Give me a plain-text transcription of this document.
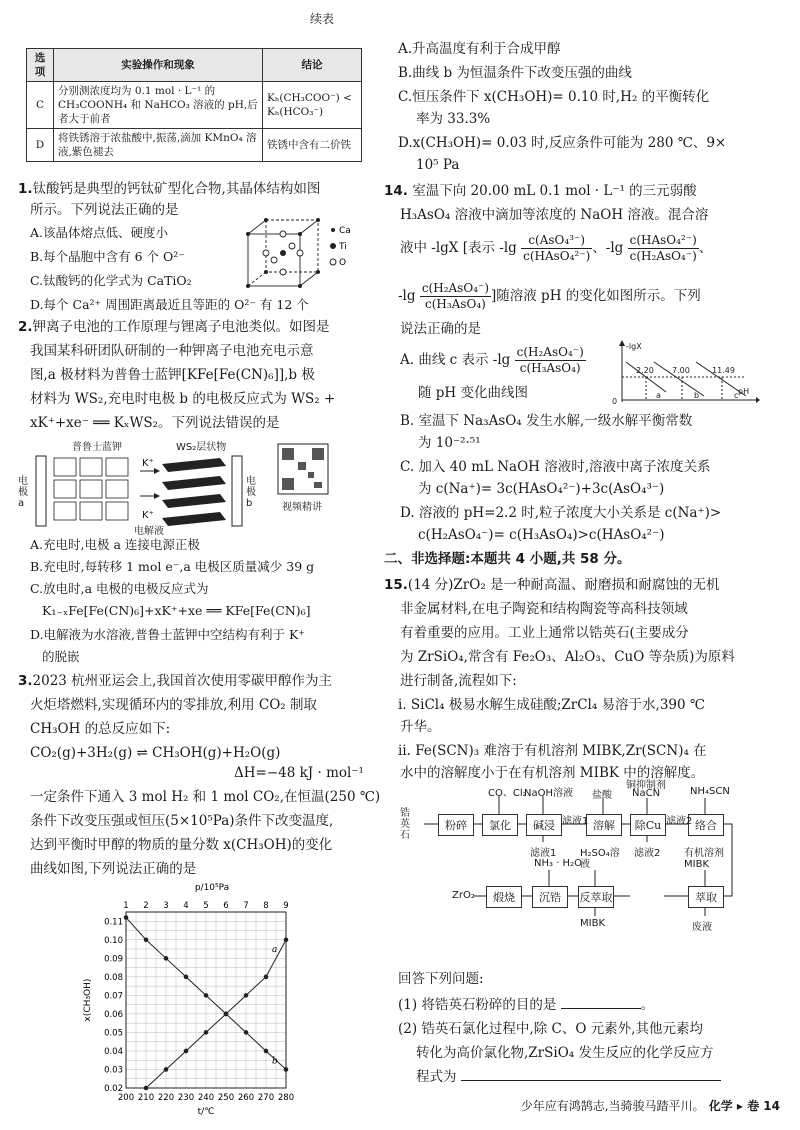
续表
选项	实验操作和现象	结论
C	分别测浓度均为 0.1 mol · L⁻¹ 的 CH₃COONH₄ 和 NaHCO₃ 溶液的 pH,后者大于前者	Kₕ(CH₃COO⁻) < Kₕ(HCO₃⁻)
D	将铁锈溶于浓盐酸中,振荡,滴加 KMnO₄ 溶液,紫色褪去	铁锈中含有二价铁
1.钛酸钙是典型的钙钛矿型化合物,其晶体结构如图
所示。下列说法正确的是
A.该晶体熔点低、硬度小
B.每个晶胞中含有 6 个 O²⁻
C.钛酸钙的化学式为 CaTiO₂
D.每个 Ca²⁺ 周围距离最近且等距的 O²⁻ 有 12 个
Ca
Ti
O
2.钾离子电池的工作原理与锂离子电池类似。如图是
我国某科研团队研制的一种钾离子电池充电示意
图,a 极材料为普鲁士蓝钾[KFe[Fe(CN)₆]],b 极
材料为 WS₂,充电时电极 b 的电极反应式为 WS₂ +
xK⁺+xe⁻ ══ KₓWS₂。下列说法错误的是
普鲁士蓝钾	WS₂层状物
K⁺
K⁺
电解液
电极a
电极b	视频精讲
A.充电时,电极 a 连接电源正极
B.充电时,每转移 1 mol e⁻,a 电极区质量减少 39 g
C.放电时,a 电极的电极反应式为
K₁₋ₓFe[Fe(CN)₆]+xK⁺+xe ══ KFe[Fe(CN)₆]
D.电解液为水溶液,普鲁士蓝钾中空结构有利于 K⁺
的脱嵌
3.2023 杭州亚运会上,我国首次使用零碳甲醇作为主
火炬塔燃料,实现循环内的零排放,利用 CO₂ 制取
CH₃OH 的总反应如下:
CO₂(g)+3H₂(g) ⇌ CH₃OH(g)+H₂O(g)
ΔH=−48 kJ · mol⁻¹
一定条件下通入 3 mol H₂ 和 1 mol CO₂,在恒温(250 ℃)
条件下改变压强或恒压(5×10⁵Pa)条件下改变温度,
达到平衡时甲醇的物质的量分数 x(CH₃OH)的变化
曲线如图,下列说法正确的是
200 210 220 230 240 250 260 270 280
1 2 3 4 5 6 7 8 9
0.02
0.03
0.04
0.05
0.06
0.07
0.08
0.09
0.10
0.11
p/10⁵Pa
t/℃
x(CH₃OH)
a
b
A.升高温度有利于合成甲醇
B.曲线 b 为恒温条件下改变压强的曲线
C.恒压条件下 x(CH₃OH)= 0.10 时,H₂ 的平衡转化
率为 33.3%
D.x(CH₃OH)= 0.03 时,反应条件可能为 280 ℃、9×
10⁵ Pa
14. 室温下向 20.00 mL 0.1 mol · L⁻¹ 的三元弱酸
H₃AsO₄ 溶液中滴加等浓度的 NaOH 溶液。混合溶
液中 -lgX [表示 $-\lg \frac{\text{c(AsO₄³⁻)}}{\text{c(HAsO₄²⁻)}}$ 、$-\lg \frac{\text{c(HAsO₄²⁻)}}{\text{c(H₂AsO₄⁻)}}$ 、
$-\lg \frac{\text{c(H₂AsO₄⁻)}}{\text{c(H₃AsO₄)}}$ ]随溶液 pH 的变化如图所示。下列
说法正确的是
A. 曲线 c 表示 $-\lg \frac{\text{c(H₂AsO₄⁻)}}{\text{c(H₃AsO₄)}}$
随 pH 变化曲线图
-lgX
pH
0
2.20 7.00	11.49
a	b	c
B. 室温下 Na₃AsO₄ 发生水解,一级水解平衡常数
为 10⁻²·⁵¹
C. 加入 40 mL NaOH 溶液时,溶液中离子浓度关系
为 c(Na⁺)= 3c(HAsO₄²⁻)+3c(AsO₄³⁻)
D. 溶液的 pH=2.2 时,粒子浓度大小关系是 c(Na⁺)>
c(H₂AsO₄⁻)= c(H₃AsO₄)>c(HAsO₄²⁻)
二、非选择题:本题共 4 小题,共 58 分。
15.(14 分)ZrO₂ 是一种耐高温、耐磨损和耐腐蚀的无机
非金属材料,在电子陶瓷和结构陶瓷等高科技领域
有着重要的应用。工业上通常以锆英石(主要成分
为 ZrSiO₄,常含有 Fe₂O₃、Al₂O₃、CuO 等杂质)为原料
进行制备,流程如下:
ⅰ. SiCl₄ 极易水解生成硅酸;ZrCl₄ 易溶于水,390 ℃
升华。
ⅱ. Fe(SCN)₃ 难溶于有机溶剂 MIBK,Zr(SCN)₄ 在
水中的溶解度小于在有机溶剂 MIBK 中的溶解度。
锆英石
粉碎	氯化	碱浸	溶解	除Cu	络合
CO、Cl₂
NaOH溶液 盐酸
铜抑制剂
NaCN	NH₄SCN
滤液1
滤液1
滤液2
滤液2
ZrO₂	煅烧	沉锆	反萃取	萃取
NH₃ · H₂O
H₂SO₄溶液
有机溶剂MIBK
MIBK	废液
回答下列问题:
(1) 将锆英石粉碎的目的是	。
(2) 锆英石氯化过程中,除 C、O 元素外,其他元素均
转化为高价氯化物,ZrSiO₄ 发生反应的化学反应方
程式为
少年应有鸿鹄志,当骑骏马踏平川。 化学 ▸ 卷 14
